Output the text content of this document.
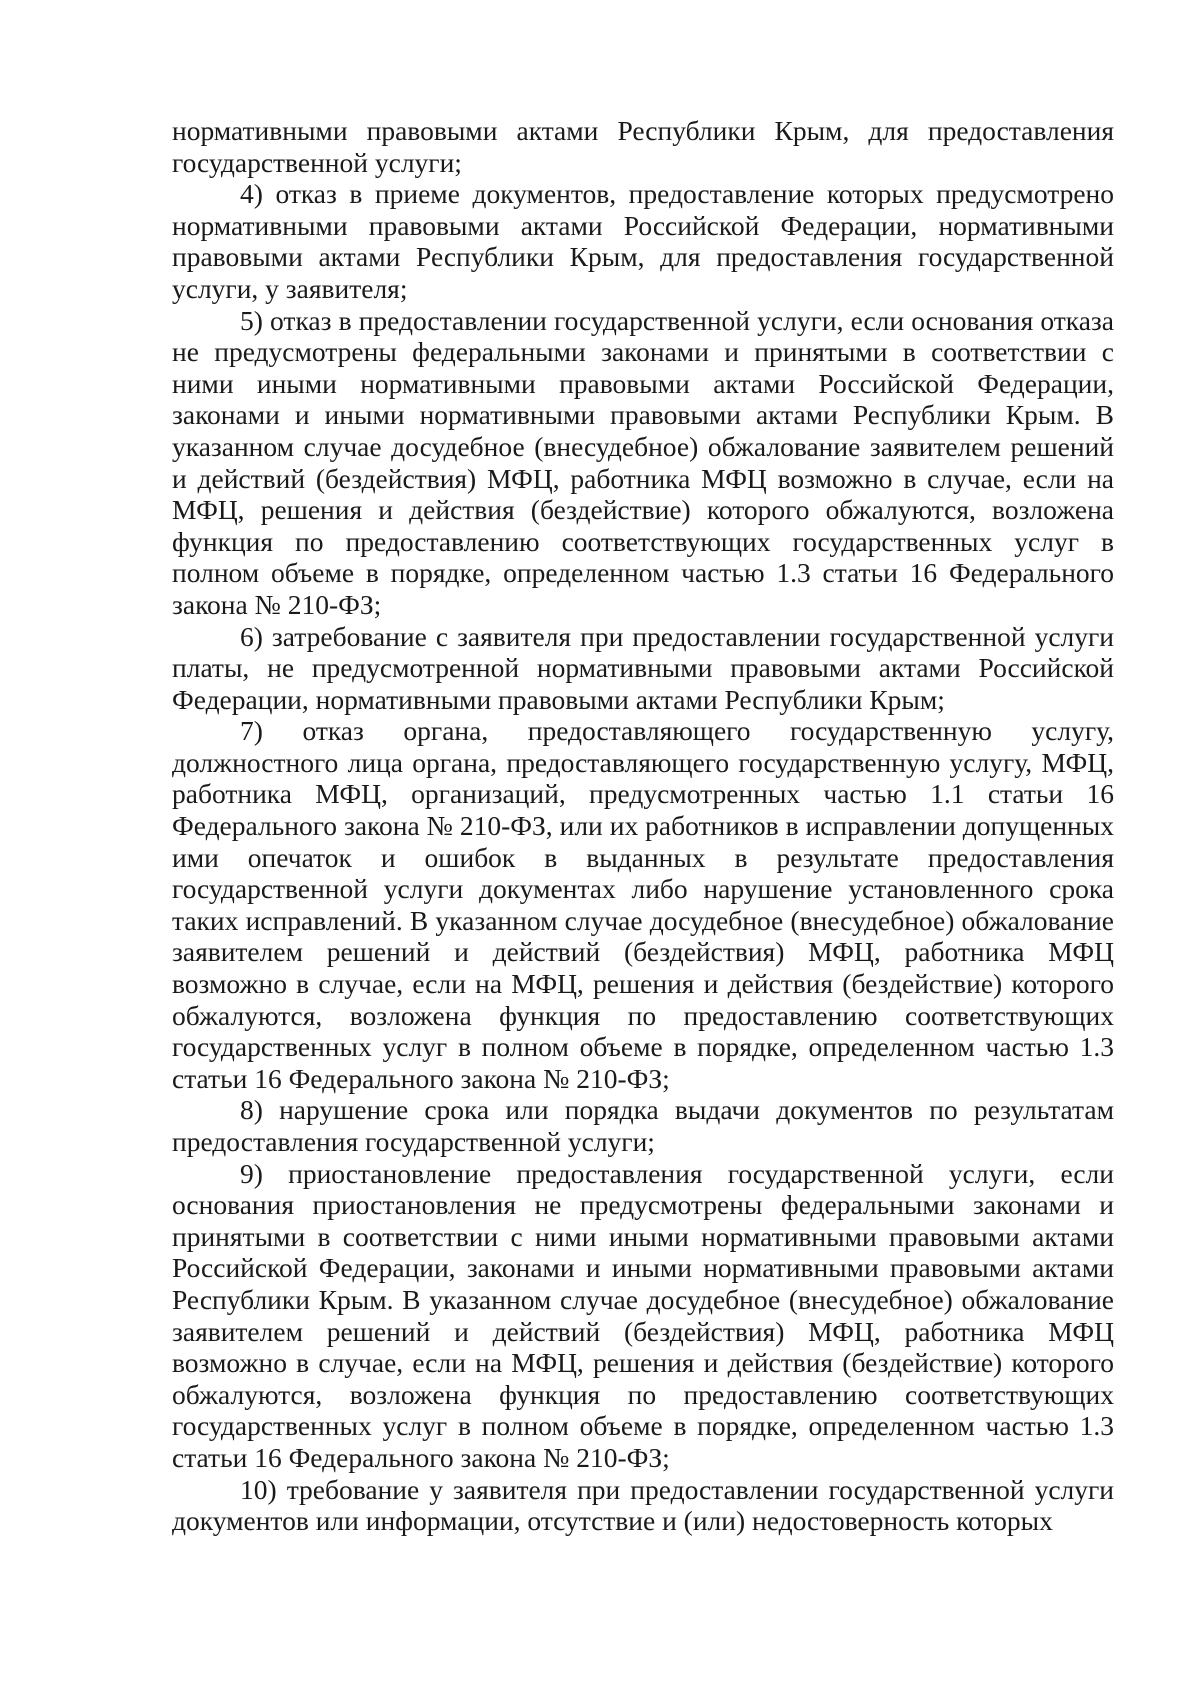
нормативными правовыми актами Республики Крым, для предоставления государственной услуги;

4) отказ в приеме документов, предоставление которых предусмотрено нормативными правовыми актами Российской Федерации, нормативными правовыми актами Республики Крым, для предоставления государственной услуги, у заявителя;

5) отказ в предоставлении государственной услуги, если основания отказа не предусмотрены федеральными законами и принятыми в соответствии с ними иными нормативными правовыми актами Российской Федерации, законами и иными нормативными правовыми актами Республики Крым. В указанном случае досудебное (внесудебное) обжалование заявителем решений и действий (бездействия) МФЦ, работника МФЦ возможно в случае, если на МФЦ, решения и действия (бездействие) которого обжалуются, возложена функция по предоставлению соответствующих государственных услуг в полном объеме в порядке, определенном частью 1.3 статьи 16 Федерального закона № 210-ФЗ;

6) затребование с заявителя при предоставлении государственной услуги платы, не предусмотренной нормативными правовыми актами Российской Федерации, нормативными правовыми актами Республики Крым;

7) отказ органа, предоставляющего государственную услугу, должностного лица органа, предоставляющего государственную услугу, МФЦ, работника МФЦ, организаций, предусмотренных частью 1.1 статьи 16 Федерального закона № 210-ФЗ, или их работников в исправлении допущенных ими опечаток и ошибок в выданных в результате предоставления государственной услуги документах либо нарушение установленного срока таких исправлений. В указанном случае досудебное (внесудебное) обжалование заявителем решений и действий (бездействия) МФЦ, работника МФЦ возможно в случае, если на МФЦ, решения и действия (бездействие) которого обжалуются, возложена функция по предоставлению соответствующих государственных услуг в полном объеме в порядке, определенном частью 1.3 статьи 16 Федерального закона № 210-ФЗ;

8) нарушение срока или порядка выдачи документов по результатам предоставления государственной услуги;

9) приостановление предоставления государственной услуги, если основания приостановления не предусмотрены федеральными законами и принятыми в соответствии с ними иными нормативными правовыми актами Российской Федерации, законами и иными нормативными правовыми актами Республики Крым. В указанном случае досудебное (внесудебное) обжалование заявителем решений и действий (бездействия) МФЦ, работника МФЦ возможно в случае, если на МФЦ, решения и действия (бездействие) которого обжалуются, возложена функция по предоставлению соответствующих государственных услуг в полном объеме в порядке, определенном частью 1.3 статьи 16 Федерального закона № 210-ФЗ;

10) требование у заявителя при предоставлении государственной услуги документов или информации, отсутствие и (или) недостоверность которых
